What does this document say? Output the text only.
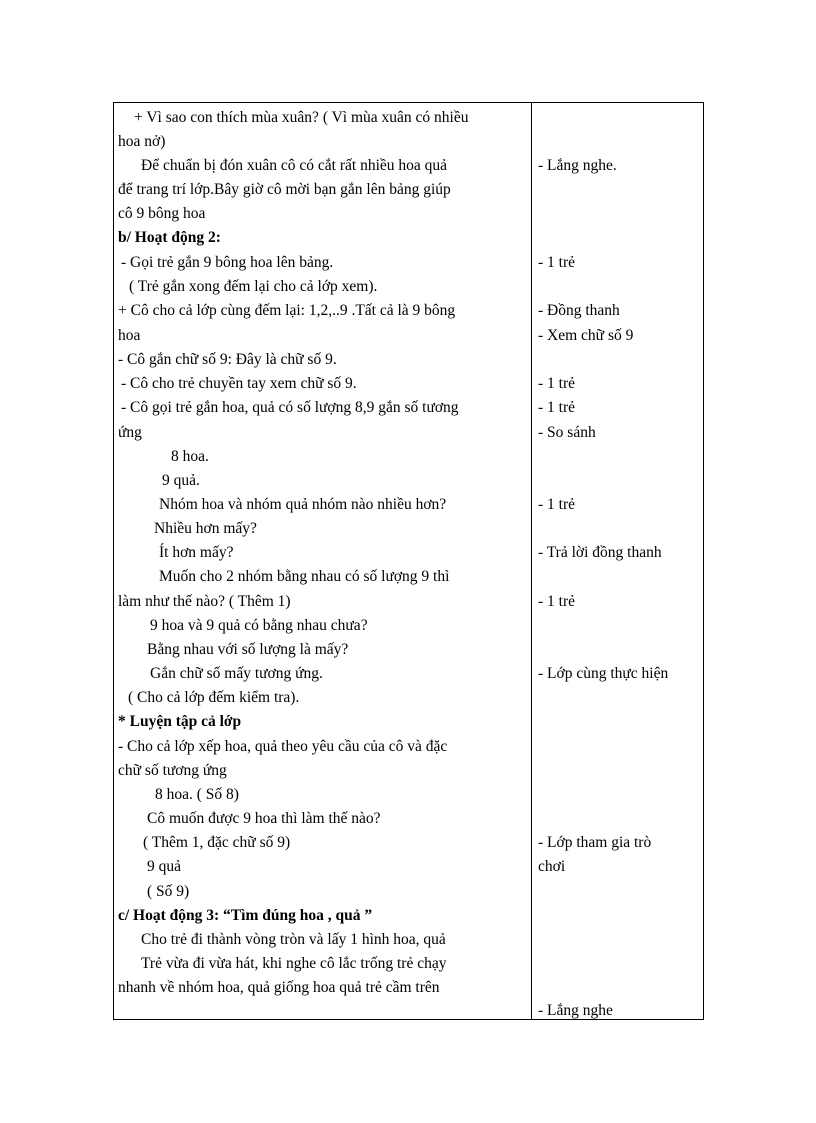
+ Vì sao con thích mùa xuân? ( Vì mùa xuân có nhiều
hoa nở)
Để chuẩn bị đón xuân cô có cắt rất nhiều hoa quả
để trang trí lớp.Bây giờ cô mời bạn gắn lên bảng giúp
cô 9 bông hoa
b/ Hoạt động 2:
- Gọi trẻ gắn 9 bông hoa lên bảng.
( Trẻ gắn xong đếm lại cho cả lớp xem).
+ Cô cho cả lớp cùng đếm lại: 1,2,..9 .Tất cả là 9 bông
hoa
- Cô gắn chữ số 9: Đây là chữ số 9.
- Cô cho trẻ chuyền tay xem chữ số 9.
- Cô gọi trẻ gắn hoa, quả có số lượng 8,9 gắn số tương
ứng
8 hoa.
9 quả.
Nhóm hoa và nhóm quả nhóm nào nhiều hơn?
Nhiều hơn mấy?
Ít hơn mấy?
Muốn cho 2 nhóm bằng nhau có số lượng 9 thì
làm như thế nào? ( Thêm 1)
9 hoa và 9 quả có bằng nhau chưa?
Bằng nhau với số lượng là mấy?
Gắn chữ số mấy tương ứng.
( Cho cả lớp đếm kiểm tra).
* Luyện tập cả lớp
- Cho cả lớp xếp hoa, quả theo yêu cầu của cô và đặc
chữ số tương ứng
8 hoa. ( Số 8)
Cô muốn được 9 hoa thì làm thế nào?
( Thêm 1, đặc chữ số 9)
9 quả
( Số 9)
c/ Hoạt động 3: “Tìm đúng hoa , quả ”
Cho trẻ đi thành vòng tròn và lấy 1 hình hoa, quả
Trẻ vừa đi vừa hát, khi nghe cô lắc trống trẻ chạy
nhanh về nhóm hoa, quả giống hoa quả trẻ cầm trên
- Lắng nghe.
- 1 trẻ
- Đồng thanh
- Xem chữ số 9
- 1 trẻ
- 1 trẻ
- So sánh
- 1 trẻ
- Trả lời đồng thanh
- 1 trẻ
- Lớp cùng thực hiện
- Lớp tham gia trò
chơi
- Lắng nghe
